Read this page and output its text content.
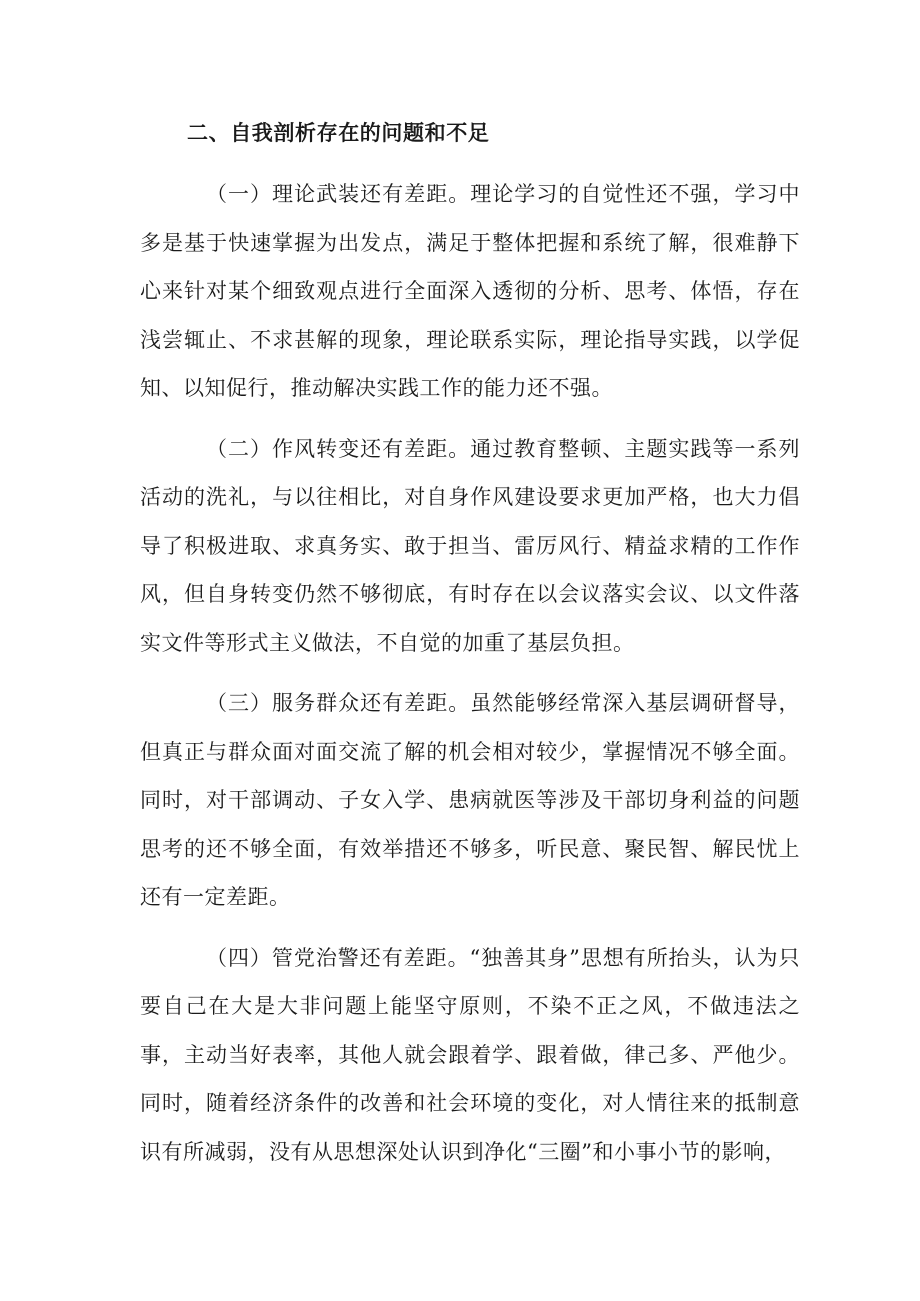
二、自我剖析存在的问题和不足

（一）理论武装还有差距。理论学习的自觉性还不强，学习中多是基于快速掌握为出发点，满足于整体把握和系统了解，很难静下心来针对某个细致观点进行全面深入透彻的分析、思考、体悟，存在浅尝辄止、不求甚解的现象，理论联系实际，理论指导实践，以学促知、以知促行，推动解决实践工作的能力还不强。

（二）作风转变还有差距。通过教育整顿、主题实践等一系列活动的洗礼，与以往相比，对自身作风建设要求更加严格，也大力倡导了积极进取、求真务实、敢于担当、雷厉风行、精益求精的工作作风，但自身转变仍然不够彻底，有时存在以会议落实会议、以文件落实文件等形式主义做法，不自觉的加重了基层负担。

（三）服务群众还有差距。虽然能够经常深入基层调研督导，但真正与群众面对面交流了解的机会相对较少，掌握情况不够全面。同时，对干部调动、子女入学、患病就医等涉及干部切身利益的问题思考的还不够全面，有效举措还不够多，听民意、聚民智、解民忧上还有一定差距。

（四）管党治警还有差距。“独善其身”思想有所抬头，认为只要自己在大是大非问题上能坚守原则，不染不正之风，不做违法之事，主动当好表率，其他人就会跟着学、跟着做，律己多、严他少。同时，随着经济条件的改善和社会环境的变化，对人情往来的抵制意识有所减弱，没有从思想深处认识到净化“三圈”和小事小节的影响，
